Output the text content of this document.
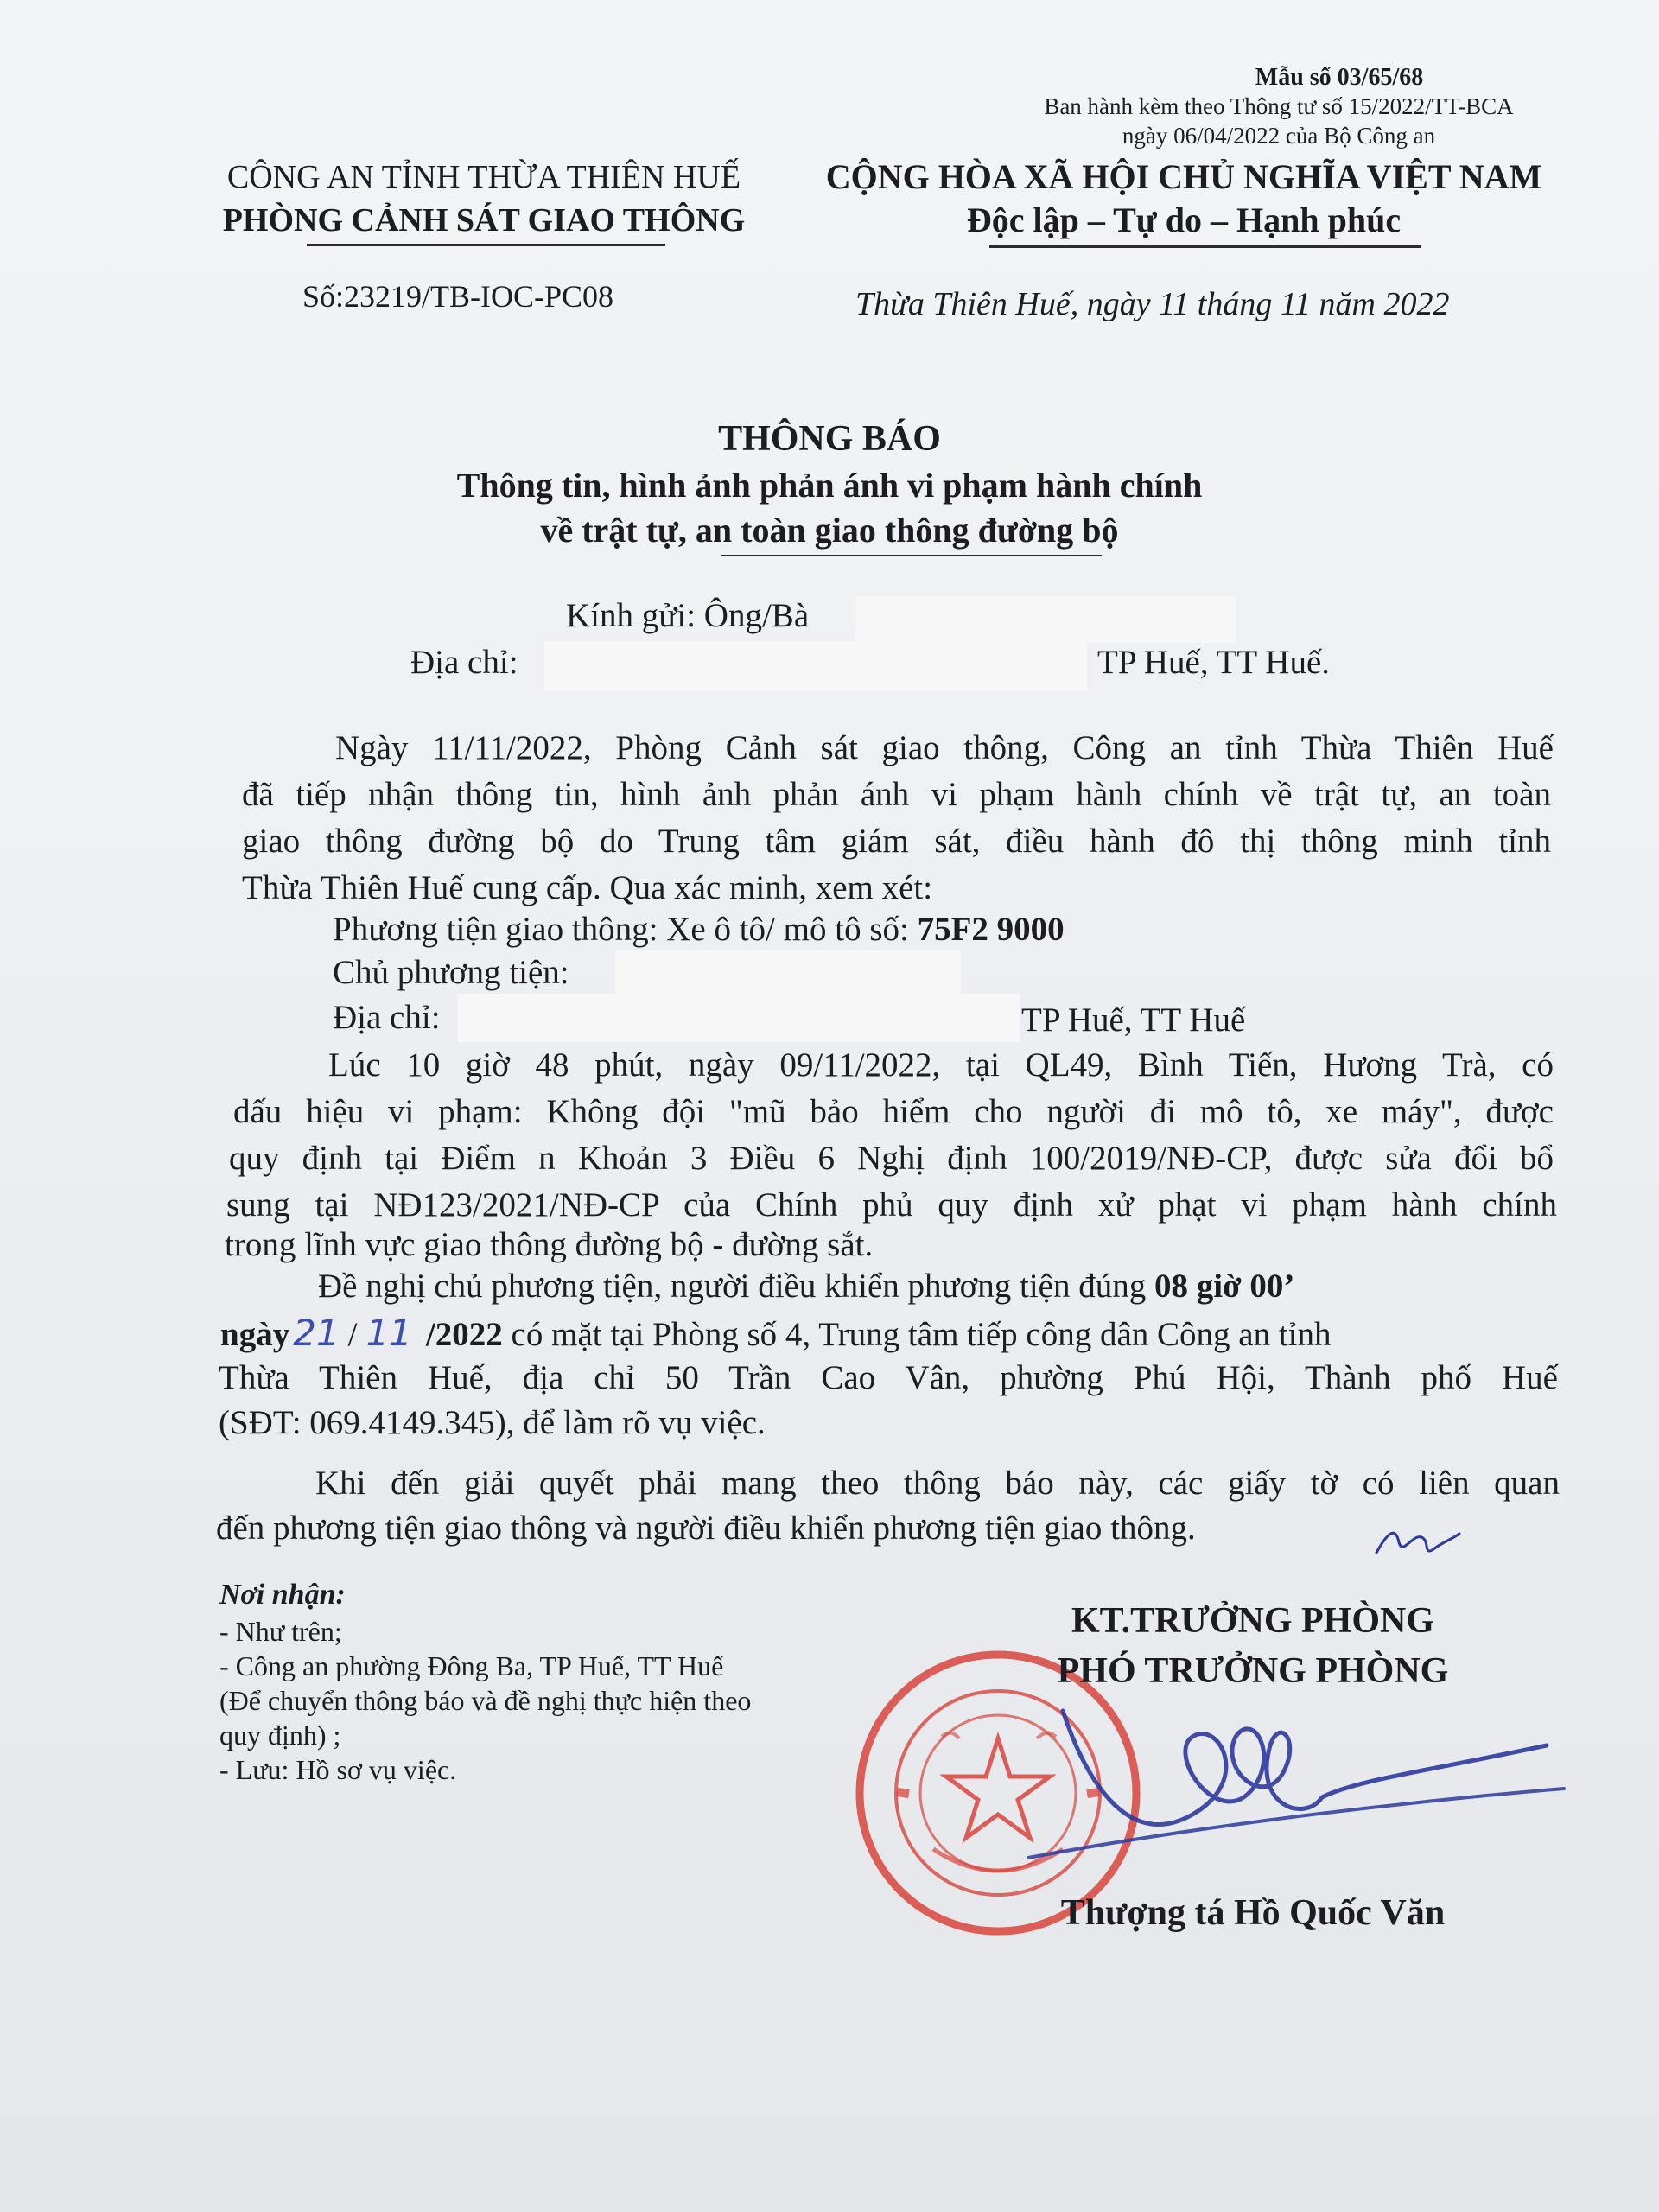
Mẫu số 03/65/68
Ban hành kèm theo Thông tư số 15/2022/TT-BCA
ngày 06/04/2022 của Bộ Công an
CÔNG AN TỈNH THỪA THIÊN HUẾ
PHÒNG CẢNH SÁT GIAO THÔNG
CỘNG HÒA XÃ HỘI CHỦ NGHĨA VIỆT NAM
Độc lập – Tự do – Hạnh phúc
Số:23219/TB-IOC-PC08	Thừa Thiên Huế, ngày 11 tháng 11 năm 2022
THÔNG BÁO
Thông tin, hình ảnh phản ánh vi phạm hành chính
về trật tự, an toàn giao thông đường bộ
Kính gửi: Ông/Bà
Địa chỉ:	TP Huế, TT Huế.
Ngày 11/11/2022, Phòng Cảnh sát giao thông, Công an tỉnh Thừa Thiên Huế
đã tiếp nhận thông tin, hình ảnh phản ánh vi phạm hành chính về trật tự, an toàn
giao thông đường bộ do Trung tâm giám sát, điều hành đô thị thông minh tỉnh
Thừa Thiên Huế cung cấp. Qua xác minh, xem xét:
Phương tiện giao thông: Xe ô tô/ mô tô số: 75F2 9000
Chủ phương tiện:
Địa chỉ:	TP Huế, TT Huế
Lúc 10 giờ 48 phút, ngày 09/11/2022, tại QL49, Bình Tiến, Hương Trà, có
dấu hiệu vi phạm: Không đội "mũ bảo hiểm cho người đi mô tô, xe máy", được
quy định tại Điểm n Khoản 3 Điều 6 Nghị định 100/2019/NĐ-CP, được sửa đổi bổ
sung tại NĐ123/2021/NĐ-CP của Chính phủ quy định xử phạt vi phạm hành chính
trong lĩnh vực giao thông đường bộ - đường sắt.
Đề nghị chủ phương tiện, người điều khiển phương tiện đúng 08 giờ 00’
ngày21 / 11 /2022 có mặt tại Phòng số 4, Trung tâm tiếp công dân Công an tỉnh
Thừa Thiên Huế, địa chỉ 50 Trần Cao Vân, phường Phú Hội, Thành phố Huế
(SĐT: 069.4149.345), để làm rõ vụ việc.
Khi đến giải quyết phải mang theo thông báo này, các giấy tờ có liên quan
đến phương tiện giao thông và người điều khiển phương tiện giao thông.
Nơi nhận:
- Như trên;
- Công an phường Đông Ba, TP Huế, TT Huế
(Để chuyển thông báo và đề nghị thực hiện theo
quy định) ;
- Lưu: Hồ sơ vụ việc.
KT.TRƯỞNG PHÒNG
PHÓ TRƯỞNG PHÒNG
Thượng tá Hồ Quốc Văn
